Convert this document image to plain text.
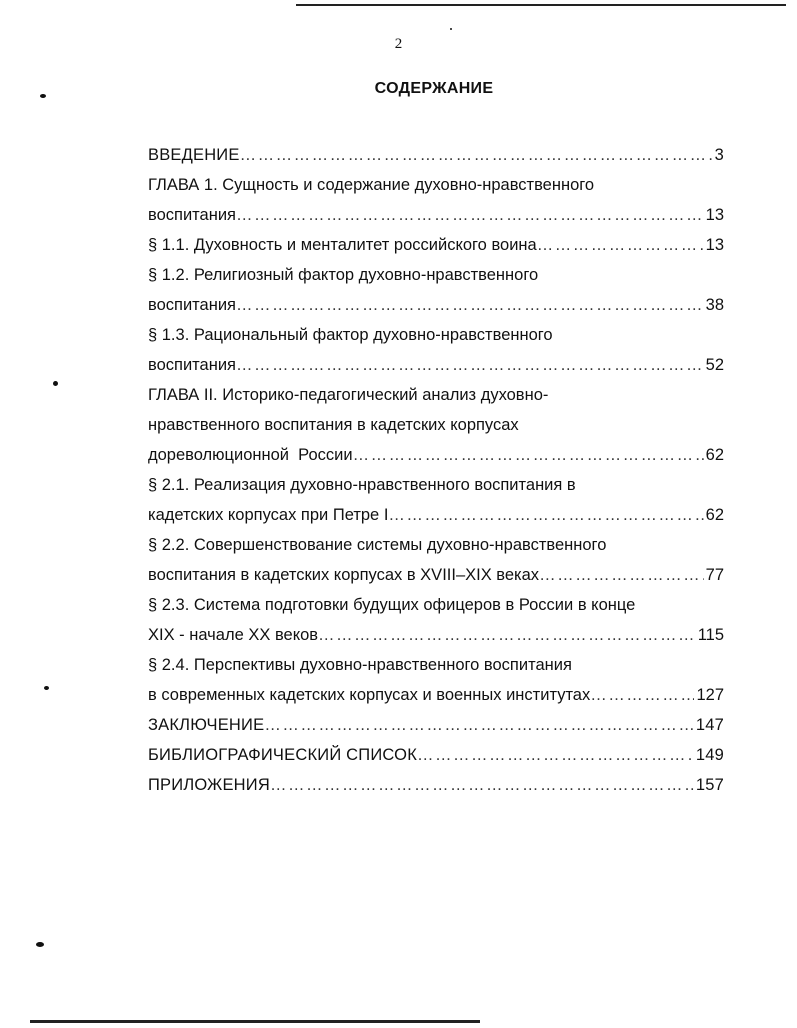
2
СОДЕРЖАНИЕ
ВВЕДЕНИЕ ………………………………………………………………………………………………………………………………………………	3
ГЛАВА 1. Сущность и содержание духовно-нравственного
воспитания ………………………………………………………………………………………………………………………………………………	13
§ 1.1. Духовность и менталитет российского воина ………………………………………………………………………………………………………………………………………………	13
§ 1.2. Религиозный фактор духовно-нравственного
воспитания ………………………………………………………………………………………………………………………………………………	38
§ 1.3. Рациональный фактор духовно-нравственного
воспитания ………………………………………………………………………………………………………………………………………………	52
ГЛАВА II. Историко-педагогический анализ духовно-
нравственного воспитания в кадетских корпусах
дореволюционной  России ………………………………………………………………………………………………………………………………………………	62
§ 2.1. Реализация духовно-нравственного воспитания в
кадетских корпусах при Петре I ………………………………………………………………………………………………………………………………………………	62
§ 2.2. Совершенствование системы духовно-нравственного
воспитания в кадетских корпусах в XVIII–XIX веках ………………………………………………………………………………………………………………………………………………	77
§ 2.3. Система подготовки будущих офицеров в России в конце
XIX - начале XX веков ………………………………………………………………………………………………………………………………………………	115
§ 2.4. Перспективы духовно-нравственного воспитания
в современных кадетских корпусах и военных институтах ………………………………………………………………………………………………………………………………………………	127
ЗАКЛЮЧЕНИЕ ………………………………………………………………………………………………………………………………………………	147
БИБЛИОГРАФИЧЕСКИЙ СПИСОК ………………………………………………………………………………………………………………………………………………	149
ПРИЛОЖЕНИЯ ………………………………………………………………………………………………………………………………………………	157
